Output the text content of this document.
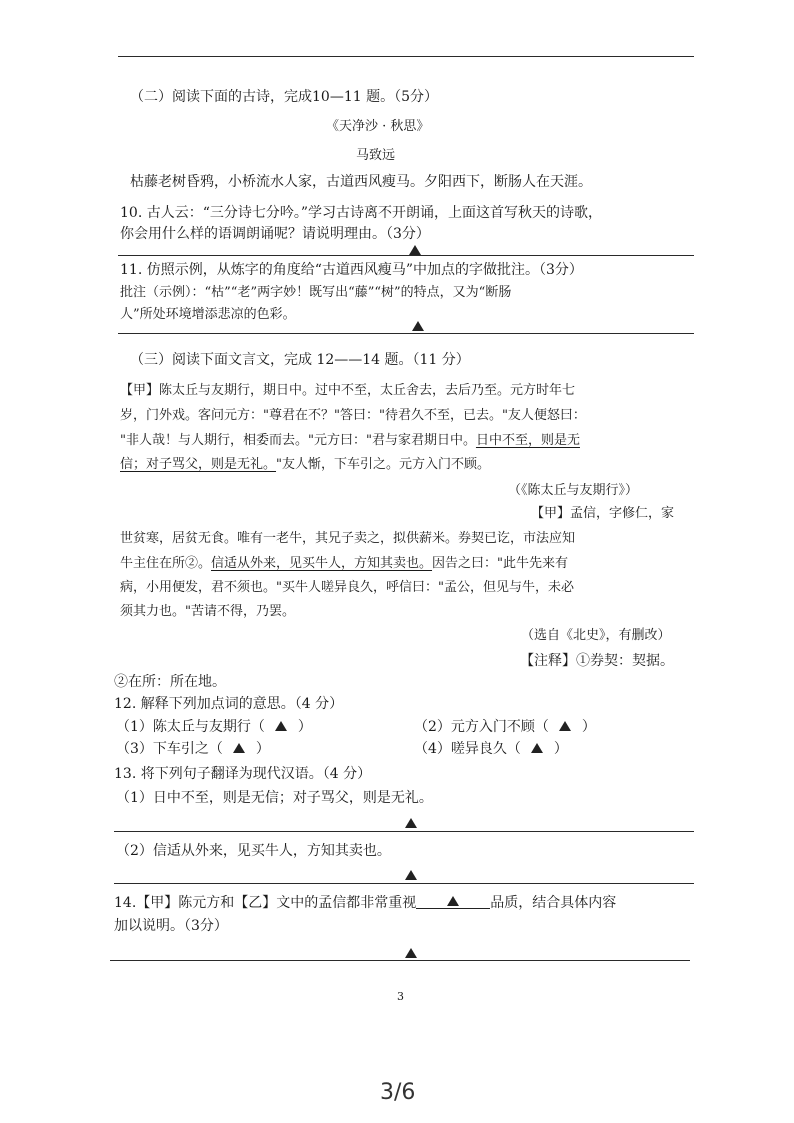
（二）阅读下面的古诗，完成10—11 题。（5分）
《天净沙 · 秋思》
马致远
枯藤老树昏鸦，小桥流水人家，古道西风瘦马。夕阳西下，断肠人在天涯。
10. 古人云：“三分诗七分吟。”学习古诗离不开朗诵，上面这首写秋天的诗歌，
你会用什么样的语调朗诵呢？请说明理由。（3分）
11. 仿照示例，从炼字的角度给“古道西风瘦马”中加点的字做批注。（3分）
批注（示例）：“枯”“老”两字妙！既写出“藤”“树”的特点，又为“断肠
人”所处环境增添悲凉的色彩。
（三）阅读下面文言文，完成 12——14 题。（11 分）
【甲】陈太丘与友期行，期日中。过中不至，太丘舍去，去后乃至。元方时年七
岁，门外戏。客问元方："尊君在不？"答曰："待君久不至，已去。"友人便怒曰：
"非人哉！与人期行，相委而去。"元方曰："君与家君期日中。日中不至，则是无
信；对子骂父，则是无礼。"友人惭，下车引之。元方入门不顾。
（《陈太丘与友期行》）
【甲】孟信，字修仁，家
世贫寒，居贫无食。唯有一老牛，其兄子卖之，拟供薪米。券契已讫，市法应知
牛主住在所②。信适从外来，见买牛人，方知其卖也。因告之曰："此牛先来有
病，小用便发，君不须也。"买牛人嗟异良久，呼信曰："孟公，但见与牛，未必
须其力也。"苦请不得，乃罢。
（选自《北史》，有删改）
【注释】①券契：契据。
②在所：所在地。
12. 解释下列加点词的意思。（4 分）
（1）陈太丘与友期行（ ）	（2）元方入门不顾（ ）
（3）下车引之（ ）	（4）嗟异良久（ ）
13. 将下列句子翻译为现代汉语。（4 分）
（1）日中不至，则是无信；对子骂父，则是无礼。
（2）信适从外来，见买牛人，方知其卖也。
14.【甲】陈元方和【乙】文中的孟信都非常重视	品质，结合具体内容
加以说明。（3分）
3
3/6
